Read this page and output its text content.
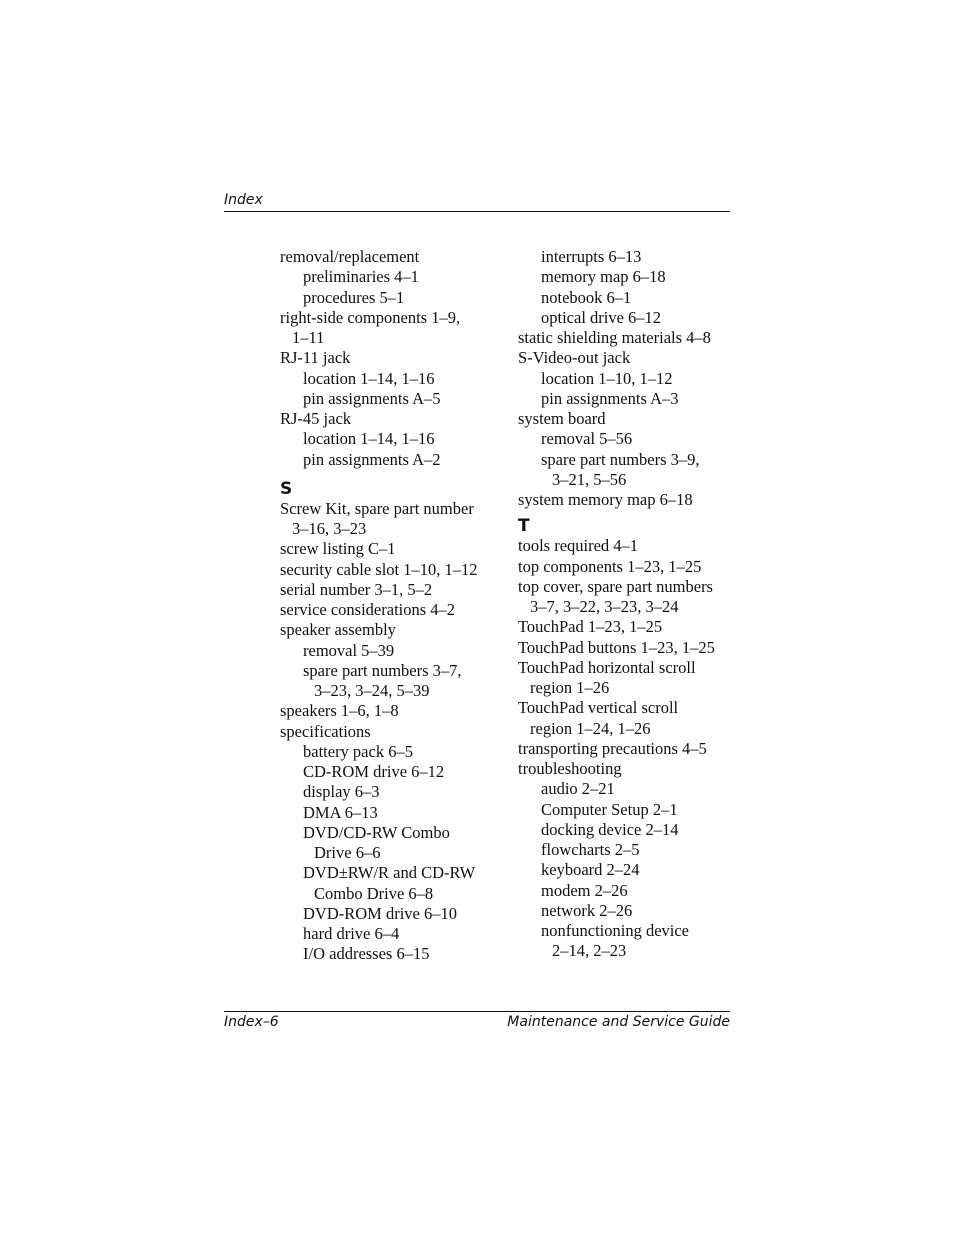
Index
removal/replacement
preliminaries 4–1
procedures 5–1
right-side components 1–9,
1–11
RJ-11 jack
location 1–14, 1–16
pin assignments A–5
RJ-45 jack
location 1–14, 1–16
pin assignments A–2
S
Screw Kit, spare part number
3–16, 3–23
screw listing C–1
security cable slot 1–10, 1–12
serial number 3–1, 5–2
service considerations 4–2
speaker assembly
removal 5–39
spare part numbers 3–7,
3–23, 3–24, 5–39
speakers 1–6, 1–8
specifications
battery pack 6–5
CD-ROM drive 6–12
display 6–3
DMA 6–13
DVD/CD-RW Combo
Drive 6–6
DVD±RW/R and CD-RW
Combo Drive 6–8
DVD-ROM drive 6–10
hard drive 6–4
I/O addresses 6–15
interrupts 6–13
memory map 6–18
notebook 6–1
optical drive 6–12
static shielding materials 4–8
S-Video-out jack
location 1–10, 1–12
pin assignments A–3
system board
removal 5–56
spare part numbers 3–9,
3–21, 5–56
system memory map 6–18
T
tools required 4–1
top components 1–23, 1–25
top cover, spare part numbers
3–7, 3–22, 3–23, 3–24
TouchPad 1–23, 1–25
TouchPad buttons 1–23, 1–25
TouchPad horizontal scroll
region 1–26
TouchPad vertical scroll
region 1–24, 1–26
transporting precautions 4–5
troubleshooting
audio 2–21
Computer Setup 2–1
docking device 2–14
flowcharts 2–5
keyboard 2–24
modem 2–26
network 2–26
nonfunctioning device
2–14, 2–23
Index–6	Maintenance and Service Guide
